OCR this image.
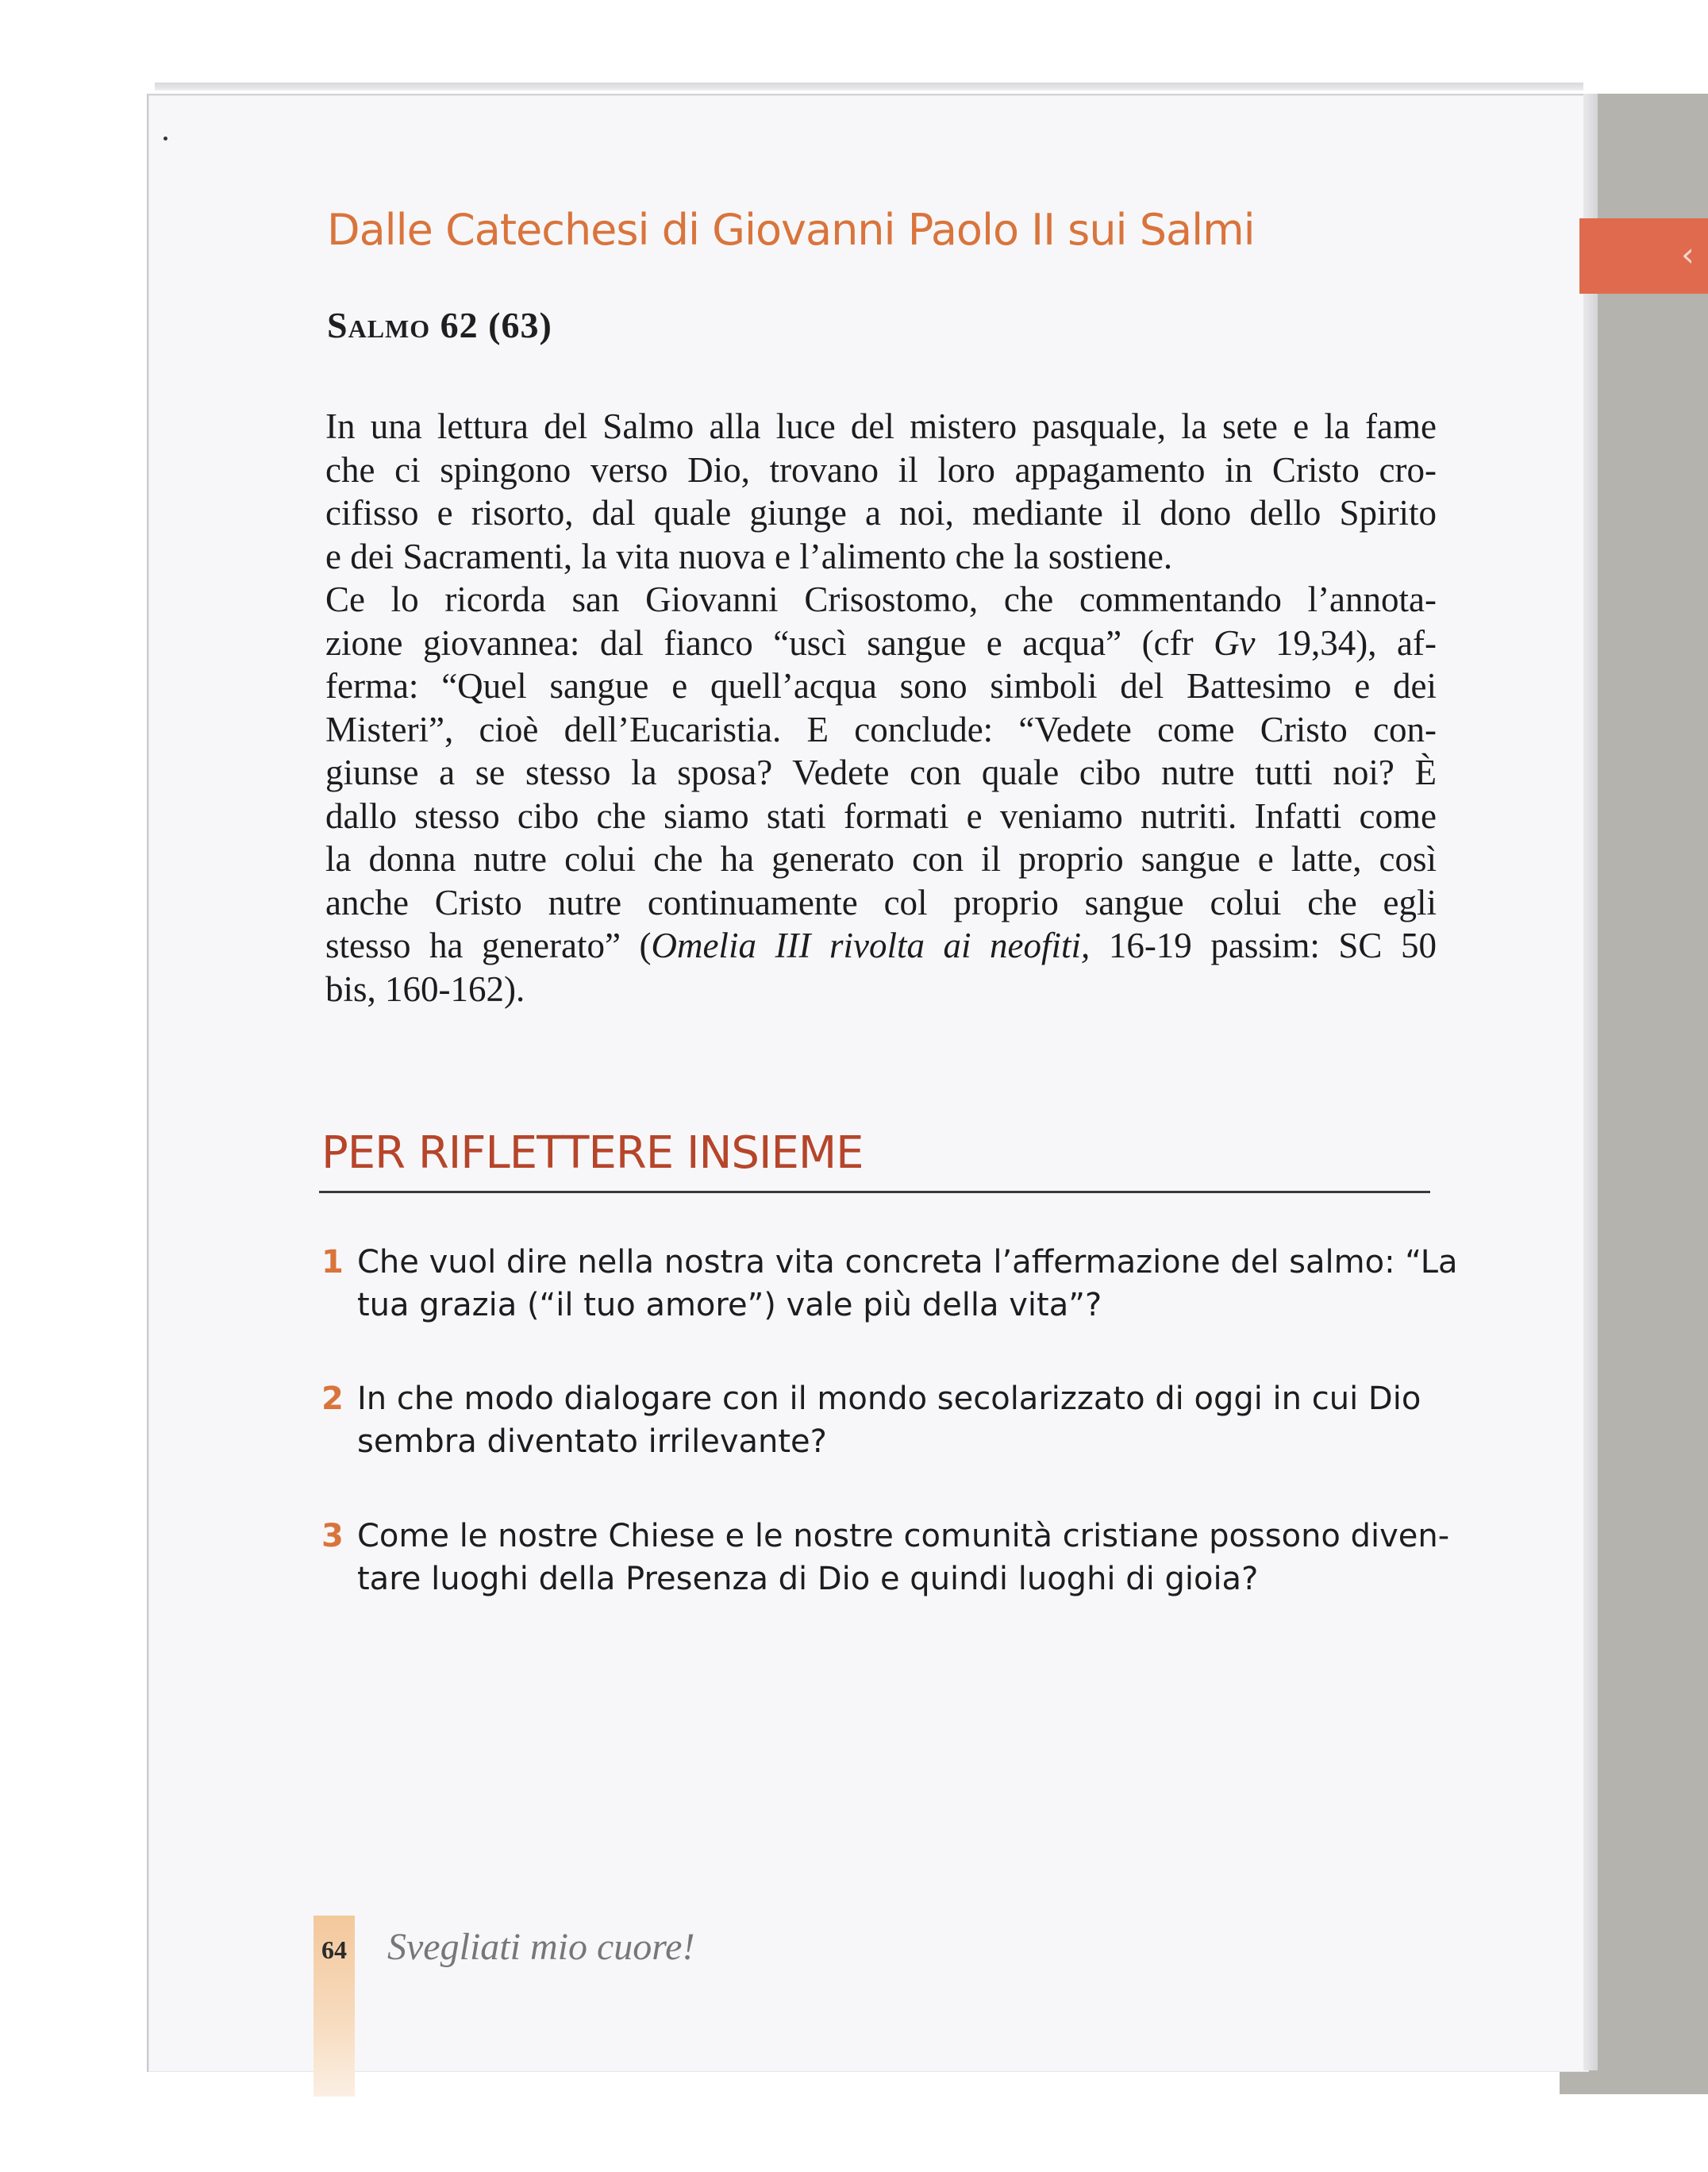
‹
Dalle Catechesi di Giovanni Paolo II sui Salmi
Salmo 62 (63)
In una lettura del Salmo alla luce del mistero pasquale, la sete e la fame
che ci spingono verso Dio, trovano il loro appagamento in Cristo cro-
cifisso e risorto, dal quale giunge a noi, mediante il dono dello Spirito
e dei Sacramenti, la vita nuova e l’alimento che la sostiene.
Ce lo ricorda san Giovanni Crisostomo, che commentando l’annota-
zione giovannea: dal fianco “uscì sangue e acqua” (cfr Gv 19,34), af-
ferma: “Quel sangue e quell’acqua sono simboli del Battesimo e dei
Misteri”, cioè dell’Eucaristia. E conclude: “Vedete come Cristo con-
giunse a se stesso la sposa? Vedete con quale cibo nutre tutti noi? È
dallo stesso cibo che siamo stati formati e veniamo nutriti. Infatti come
la donna nutre colui che ha generato con il proprio sangue e latte, così
anche Cristo nutre continuamente col proprio sangue colui che egli
stesso ha generato” (Omelia III rivolta ai neofiti, 16-19 passim: SC 50
bis, 160-162).
PER RIFLETTERE INSIEME
1 Che vuol dire nella nostra vita concreta l’affermazione del salmo: “La
tua grazia (“il tuo amore”) vale più della vita”?
2 In che modo dialogare con il mondo secolarizzato di oggi in cui Dio
sembra diventato irrilevante?
3 Come le nostre Chiese e le nostre comunità cristiane possono diven-
tare luoghi della Presenza di Dio e quindi luoghi di gioia?
64 Svegliati mio cuore!
